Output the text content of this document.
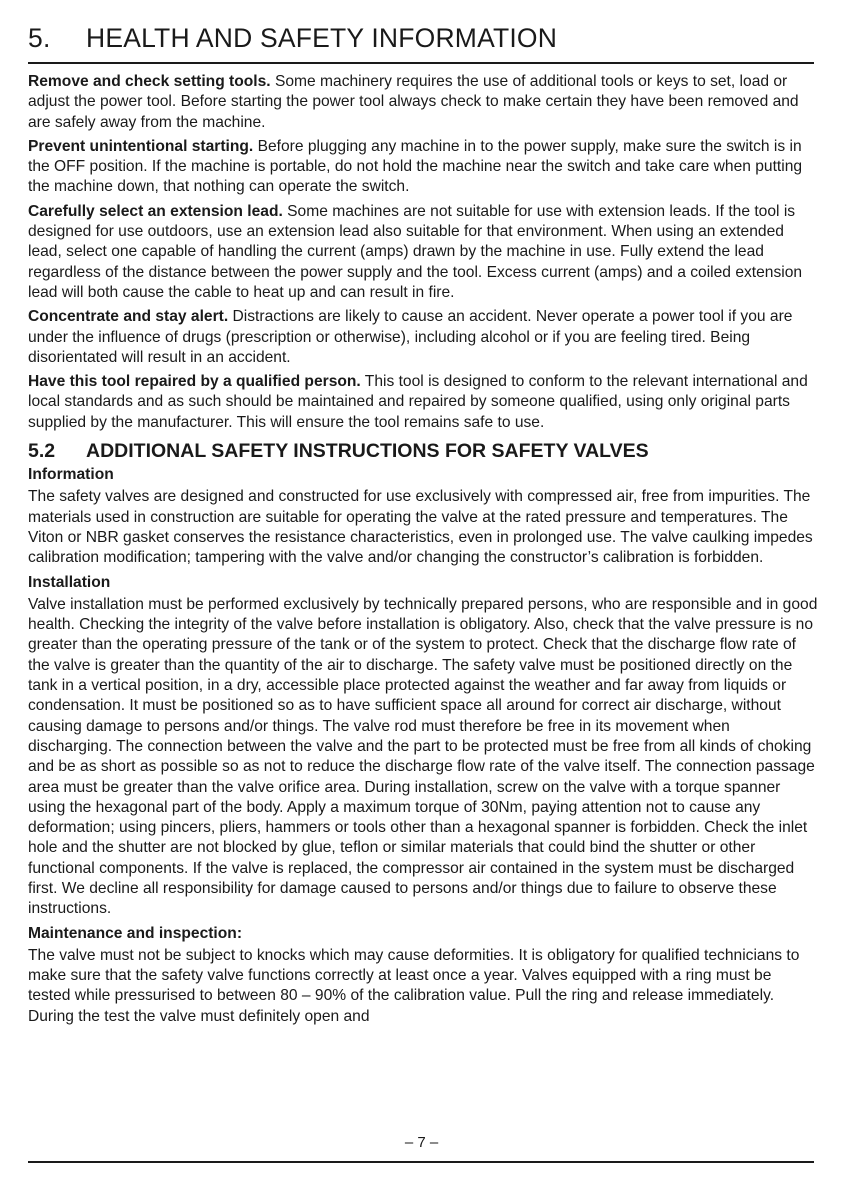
5.	HEALTH AND SAFETY INFORMATION

Remove and check setting tools. Some machinery requires the use of additional tools or keys to set, load or adjust the power tool. Before starting the power tool always check to make certain they have been removed and are safely away from the machine.

Prevent unintentional starting. Before plugging any machine in to the power supply, make sure the switch is in the OFF position. If the machine is portable, do not hold the machine near the switch and take care when putting the machine down, that nothing can operate the switch.

Carefully select an extension lead. Some machines are not suitable for use with extension leads. If the tool is designed for use outdoors, use an extension lead also suitable for that environment. When using an extended lead, select one capable of handling the current (amps) drawn by the machine in use. Fully extend the lead regardless of the distance between the power supply and the tool. Excess current (amps) and a coiled extension lead will both cause the cable to heat up and can result in fire.

Concentrate and stay alert. Distractions are likely to cause an accident. Never operate a power tool if you are under the influence of drugs (prescription or otherwise), including alcohol or if you are feeling tired. Being disorientated will result in an accident.

Have this tool repaired by a qualified person. This tool is designed to conform to the relevant international and local standards and as such should be maintained and repaired by someone qualified, using only original parts supplied by the manufacturer. This will ensure the tool remains safe to use.

5.2	ADDITIONAL SAFETY INSTRUCTIONS FOR SAFETY VALVES
Information

The safety valves are designed and constructed for use exclusively with compressed air, free from impurities. The materials used in construction are suitable for operating the valve at the rated pressure and temperatures. The Viton or NBR gasket conserves the resistance characteristics, even in prolonged use. The valve caulking impedes calibration modification; tampering with the valve and/or changing the constructor’s calibration is forbidden.

Installation

Valve installation must be performed exclusively by technically prepared persons, who are responsible and in good health. Checking the integrity of the valve before installation is obligatory. Also, check that the valve pressure is no greater than the operating pressure of the tank or of the system to protect. Check that the discharge flow rate of the valve is greater than the quantity of the air to discharge. The safety valve must be positioned directly on the tank in a vertical position, in a dry, accessible place protected against the weather and far away from liquids or condensation. It must be positioned so as to have sufficient space all around for correct air discharge, without causing damage to persons and/or things. The valve rod must therefore be free in its movement when discharging. The connection between the valve and the part to be protected must be free from all kinds of choking and be as short as possible so as not to reduce the discharge flow rate of the valve itself. The connection passage area must be greater than the valve orifice area. During installation, screw on the valve with a torque spanner using the hexagonal part of the body. Apply a maximum torque of 30Nm, paying attention not to cause any deformation; using pincers, pliers, hammers or tools other than a hexagonal spanner is forbidden. Check the inlet hole and the shutter are not blocked by glue, teflon or similar materials that could bind the shutter or other functional components. If the valve is replaced, the compressor air contained in the system must be discharged first. We decline all responsibility for damage caused to persons and/or things due to failure to observe these instructions.

Maintenance and inspection:

The valve must not be subject to knocks which may cause deformities. It is obligatory for qualified technicians to make sure that the safety valve functions correctly at least once a year. Valves equipped with a ring must be tested while pressurised to between 80 – 90% of the calibration value. Pull the ring and release immediately. During the test the valve must definitely open and

– 7 –
